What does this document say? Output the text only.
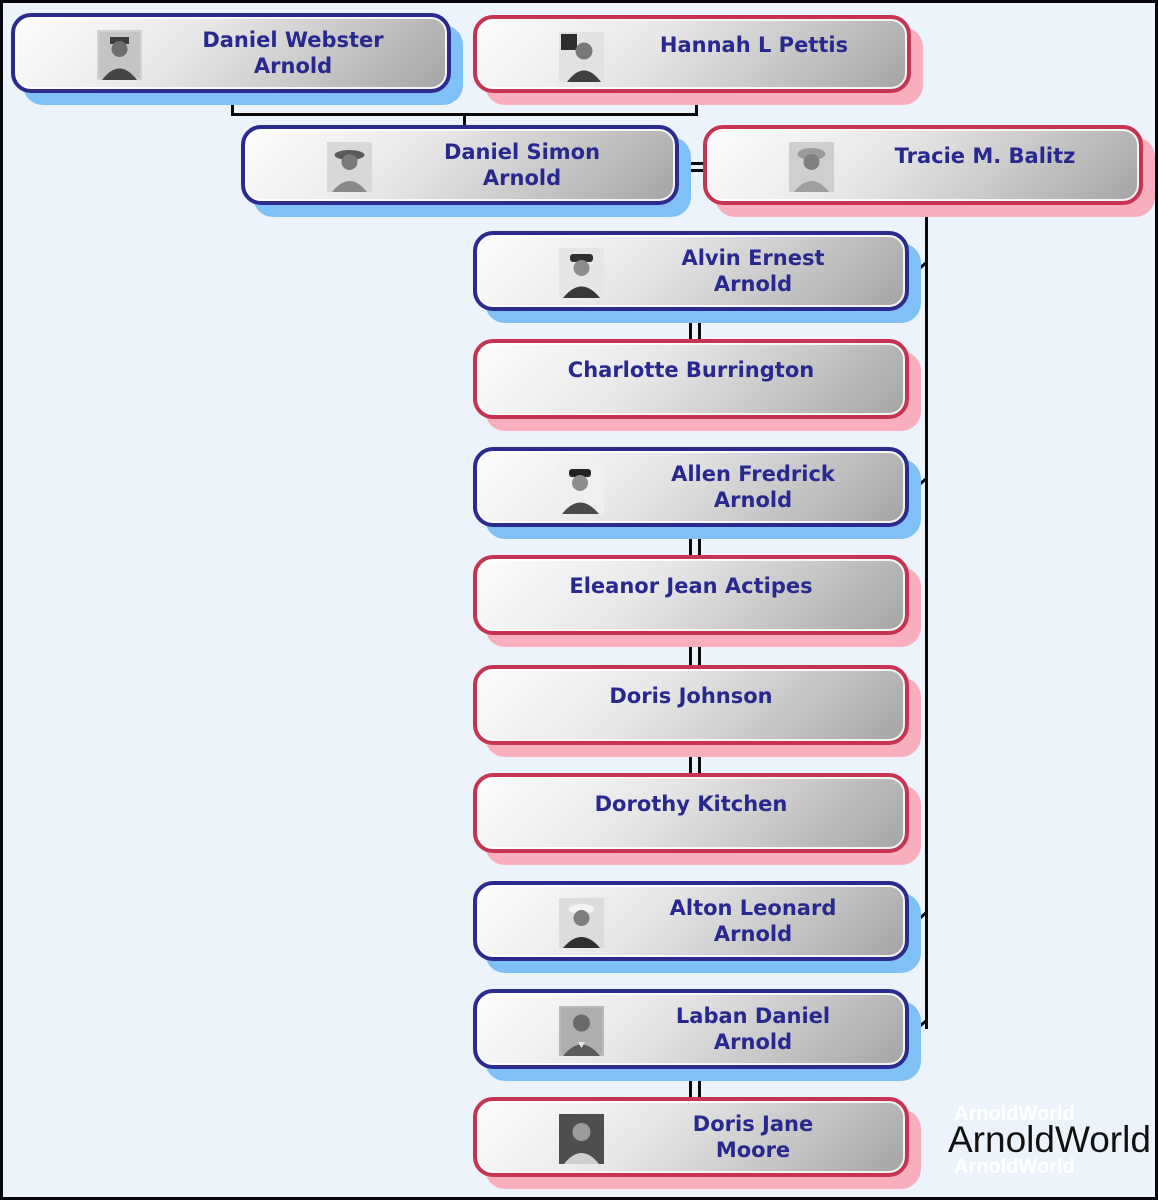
Daniel Webster
Arnold
Hannah L Pettis
Daniel Simon
Arnold
Tracie M. Balitz
Alvin Ernest
Arnold
Charlotte Burrington
Allen Fredrick
Arnold
Eleanor Jean Actipes
Doris Johnson
Dorothy Kitchen
Alton Leonard
Arnold
Laban Daniel
Arnold
Doris Jane
Moore
ArnoldWorld
ArnoldWorld
ArnoldWorld
